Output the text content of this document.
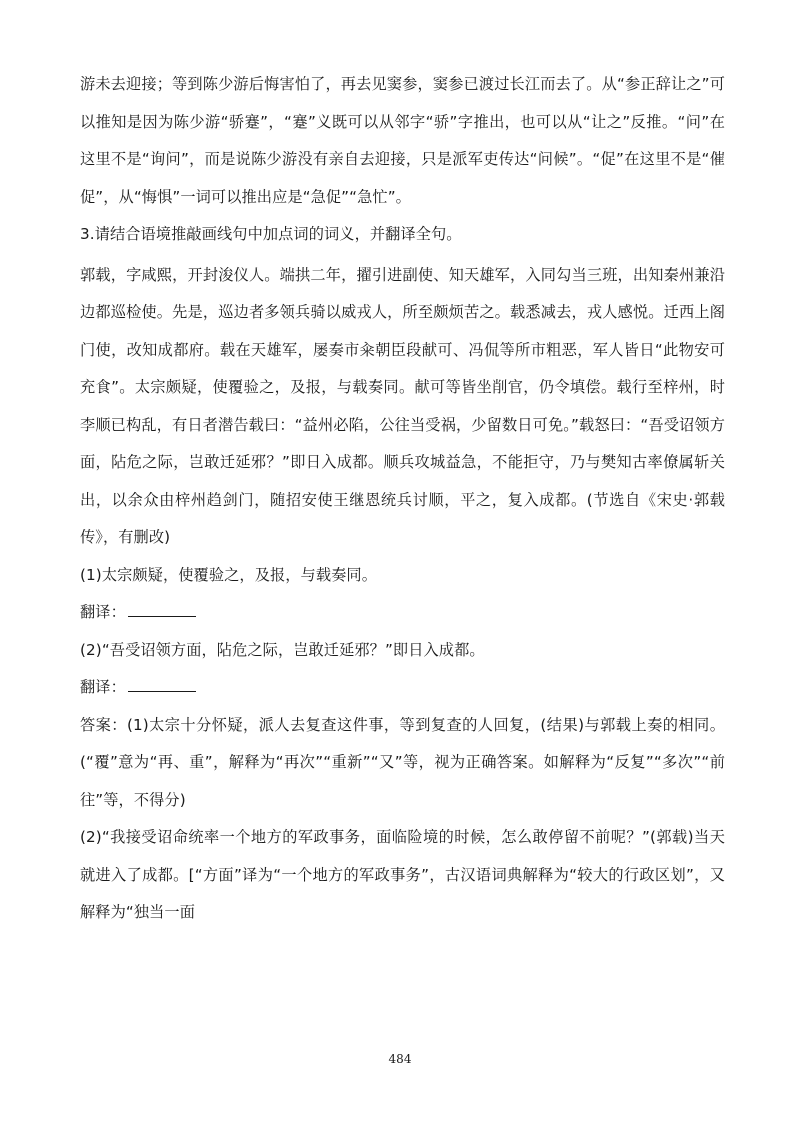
游未去迎接；等到陈少游后悔害怕了，再去见窦参，窦参已渡过长江而去了。从“参正辞让之”可以推知是因为陈少游“骄蹇”，“蹇”义既可以从邻字“骄”字推出，也可以从“让之”反推。“问”在这里不是“询问”，而是说陈少游没有亲自去迎接，只是派军吏传达“问候”。“促”在这里不是“催促”，从“悔惧”一词可以推出应是“急促”“急忙”。

3.请结合语境推敲画线句中加点词的词义，并翻译全句。

郭载，字咸熙，开封浚仪人。端拱二年，擢引进副使、知天雄军，入同勾当三班，出知秦州兼沿边都巡检使。先是，巡边者多领兵骑以威戎人，所至颇烦苦之。载悉减去，戎人感悦。迁西上阁门使，改知成都府。载在天雄军，屡奏市籴朝臣段献可、冯侃等所市粗恶，军人皆日“此物安可充食”。太宗颇疑，使覆验之，及报，与载奏同。献可等皆坐削官，仍令填偿。载行至梓州，时李顺已构乱，有日者潜告载曰：“益州必陷，公往当受祸，少留数日可免。”载怒曰：“吾受诏领方面，阽危之际，岂敢迁延邪？”即日入成都。顺兵攻城益急，不能拒守，乃与樊知古率僚属斩关出，以余众由梓州趋剑门，随招安使王继恩统兵讨顺，平之，复入成都。(节选自《宋史·郭载传》，有删改)

(1)太宗颇疑，使覆验之，及报，与载奏同。

翻译：

(2)“吾受诏领方面，阽危之际，岂敢迁延邪？”即日入成都。

翻译：

答案：(1)太宗十分怀疑，派人去复查这件事，等到复查的人回复，(结果)与郭载上奏的相同。(“覆”意为“再、重”，解释为“再次”“重新”“又”等，视为正确答案。如解释为“反复”“多次”“前往”等，不得分)

(2)“我接受诏命统率一个地方的军政事务，面临险境的时候，怎么敢停留不前呢？”(郭载)当天就进入了成都。[“方面”译为“一个地方的军政事务”，古汉语词典解释为“较大的行政区划”，又解释为“独当一面

484
